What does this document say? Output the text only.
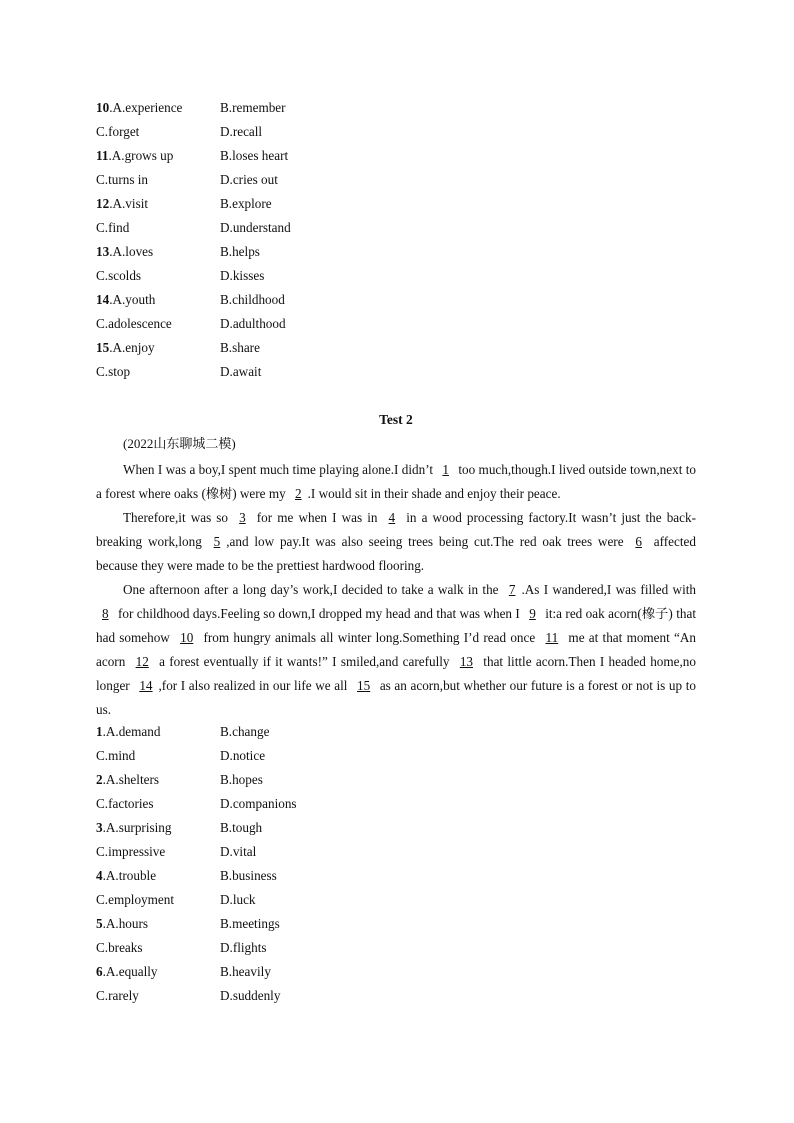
10.A.experience	B.remember
C.forget	D.recall
11.A.grows up	B.loses heart
C.turns in	D.cries out
12.A.visit	B.explore
C.find	D.understand
13.A.loves	B.helps
C.scolds	D.kisses
14.A.youth	B.childhood
C.adolescence	D.adulthood
15.A.enjoy	B.share
C.stop	D.await
Test 2
(2022山东聊城二模)

When I was a boy,I spent much time playing alone.I didn’t 1 too much,though.I lived outside town,next to a forest where oaks (橡树) were my 2 .I would sit in their shade and enjoy their peace.

Therefore,it was so 3 for me when I was in 4 in a wood processing factory.It wasn’t just the back-breaking work,long 5 ,and low pay.It was also seeing trees being cut.The red oak trees were 6 affected because they were made to be the prettiest hardwood flooring.

One afternoon after a long day’s work,I decided to take a walk in the 7 .As I wandered,I was filled with 8 for childhood days.Feeling so down,I dropped my head and that was when I 9 it:a red oak acorn(橡子) that had somehow 10 from hungry animals all winter long.Something I’d read once 11 me at that moment “An acorn 12 a forest eventually if it wants!” I smiled,and carefully 13 that little acorn.Then I headed home,no longer 14 ,for I also realized in our life we all 15 as an acorn,but whether our future is a forest or not is up to us.

1.A.demand	B.change
C.mind	D.notice
2.A.shelters	B.hopes
C.factories	D.companions
3.A.surprising	B.tough
C.impressive	D.vital
4.A.trouble	B.business
C.employment	D.luck
5.A.hours	B.meetings
C.breaks	D.flights
6.A.equally	B.heavily
C.rarely	D.suddenly
